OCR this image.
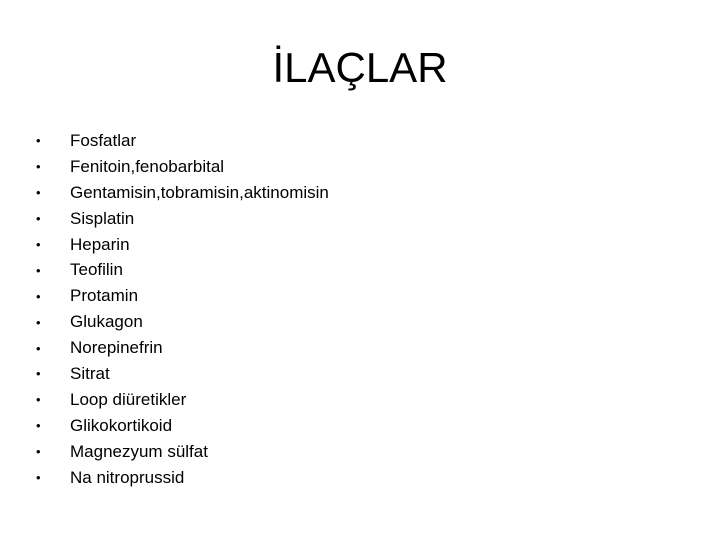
İLAÇLAR
•	Fosfatlar
•	Fenitoin,fenobarbital
•	Gentamisin,tobramisin,aktinomisin
•	Sisplatin
•	Heparin
•	Teofilin
•	Protamin
•	Glukagon
•	Norepinefrin
•	Sitrat
•	Loop diüretikler
•	Glikokortikoid
•	Magnezyum sülfat
•	Na nitroprussid
